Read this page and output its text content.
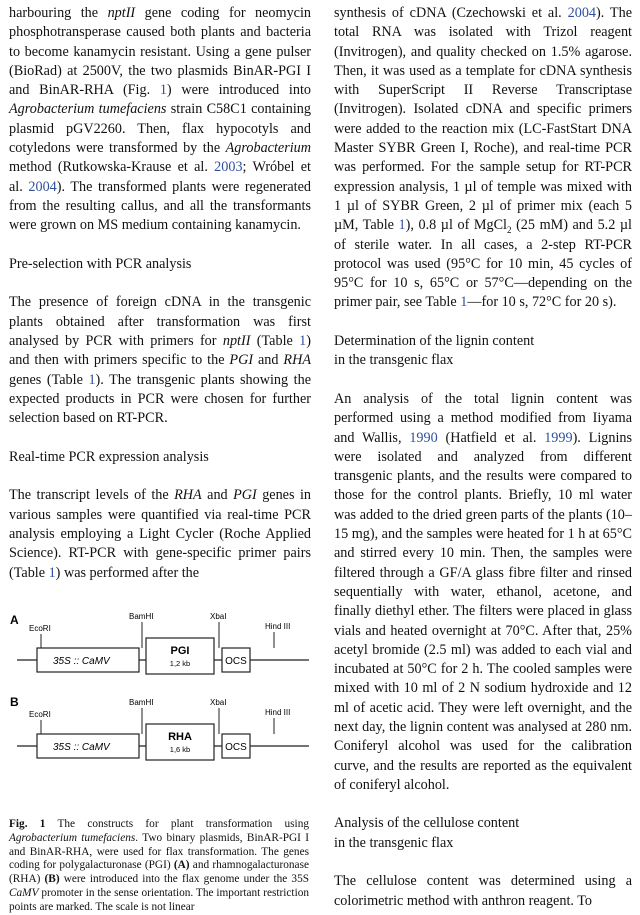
harbouring the nptII gene coding for neomycin phosphotransperase caused both plants and bacteria to become kanamycin resistant. Using a gene pulser (BioRad) at 2500V, the two plasmids BinAR-PGI I and BinAR-RHA (Fig. 1) were introduced into Agrobacterium tumefaciens strain C58C1 containing plasmid pGV2260. Then, flax hypocotyls and cotyledons were transformed by the Agrobacterium method (Rutkowska-Krause et al. 2003; Wróbel et al. 2004). The transformed plants were regenerated from the resulting callus, and all the transformants were grown on MS medium containing kanamycin.

Pre-selection with PCR analysis

The presence of foreign cDNA in the transgenic plants obtained after transformation was first analysed by PCR with primers for nptII (Table 1) and then with primers specific to the PGI and RHA genes (Table 1). The transgenic plants showing the expected products in PCR were chosen for further selection based on RT-PCR.

Real-time PCR expression analysis

The transcript levels of the RHA and PGI genes in various samples were quantified via real-time PCR analysis employing a Light Cycler (Roche Applied Science). RT-PCR with gene-specific primer pairs (Table 1) was performed after the

A
EcoRI
BamHI	XbaI
Hind III
35S :: CaMV
PGI
1,2 kb	OCS
B
EcoRI
BamHI	XbaI
Hind III
35S :: CaMV
RHA
1,6 kb	OCS

Fig. 1 The constructs for plant transformation using Agrobacterium tumefaciens. Two binary plasmids, BinAR-PGI I and BinAR-RHA, were used for flax transformation. The genes coding for polygalacturonase (PGI) (A) and rhamnogalacturonase (RHA) (B) were introduced into the flax genome under the 35S CaMV promoter in the sense orientation. The important restriction points are marked. The scale is not linear

synthesis of cDNA (Czechowski et al. 2004). The total RNA was isolated with Trizol reagent (Invitrogen), and quality checked on 1.5% agarose. Then, it was used as a template for cDNA synthesis with SuperScript II Reverse Transcriptase (Invitrogen). Isolated cDNA and specific primers were added to the reaction mix (LC-FastStart DNA Master SYBR Green I, Roche), and real-time PCR was performed. For the sample setup for RT-PCR expression analysis, 1 µl of temple was mixed with 1 µl of SYBR Green, 2 µl of primer mix (each 5 µM, Table 1), 0.8 µl of MgCl$_2$ (25 mM) and 5.2 µl of sterile water. In all cases, a 2-step RT-PCR protocol was used (95°C for 10 min, 45 cycles of 95°C for 10 s, 65°C or 57°C—depending on the primer pair, see Table 1—for 10 s, 72°C for 20 s).

Determination of the lignin content
in the transgenic flax

An analysis of the total lignin content was performed using a method modified from Iiyama and Wallis, 1990 (Hatfield et al. 1999). Lignins were isolated and analyzed from different transgenic plants, and the results were compared to those for the control plants. Briefly, 10 ml water was added to the dried green parts of the plants (10–15 mg), and the samples were heated for 1 h at 65°C and stirred every 10 min. Then, the samples were filtered through a GF/A glass fibre filter and rinsed sequentially with water, ethanol, acetone, and finally diethyl ether. The filters were placed in glass vials and heated overnight at 70°C. After that, 25% acetyl bromide (2.5 ml) was added to each vial and incubated at 50°C for 2 h. The cooled samples were mixed with 10 ml of 2 N sodium hydroxide and 12 ml of acetic acid. They were left overnight, and the next day, the lignin content was analysed at 280 nm. Coniferyl alcohol was used for the calibration curve, and the results are reported as the equivalent of coniferyl alcohol.

Analysis of the cellulose content
in the transgenic flax

The cellulose content was determined using a colorimetric method with anthron reagent. To
